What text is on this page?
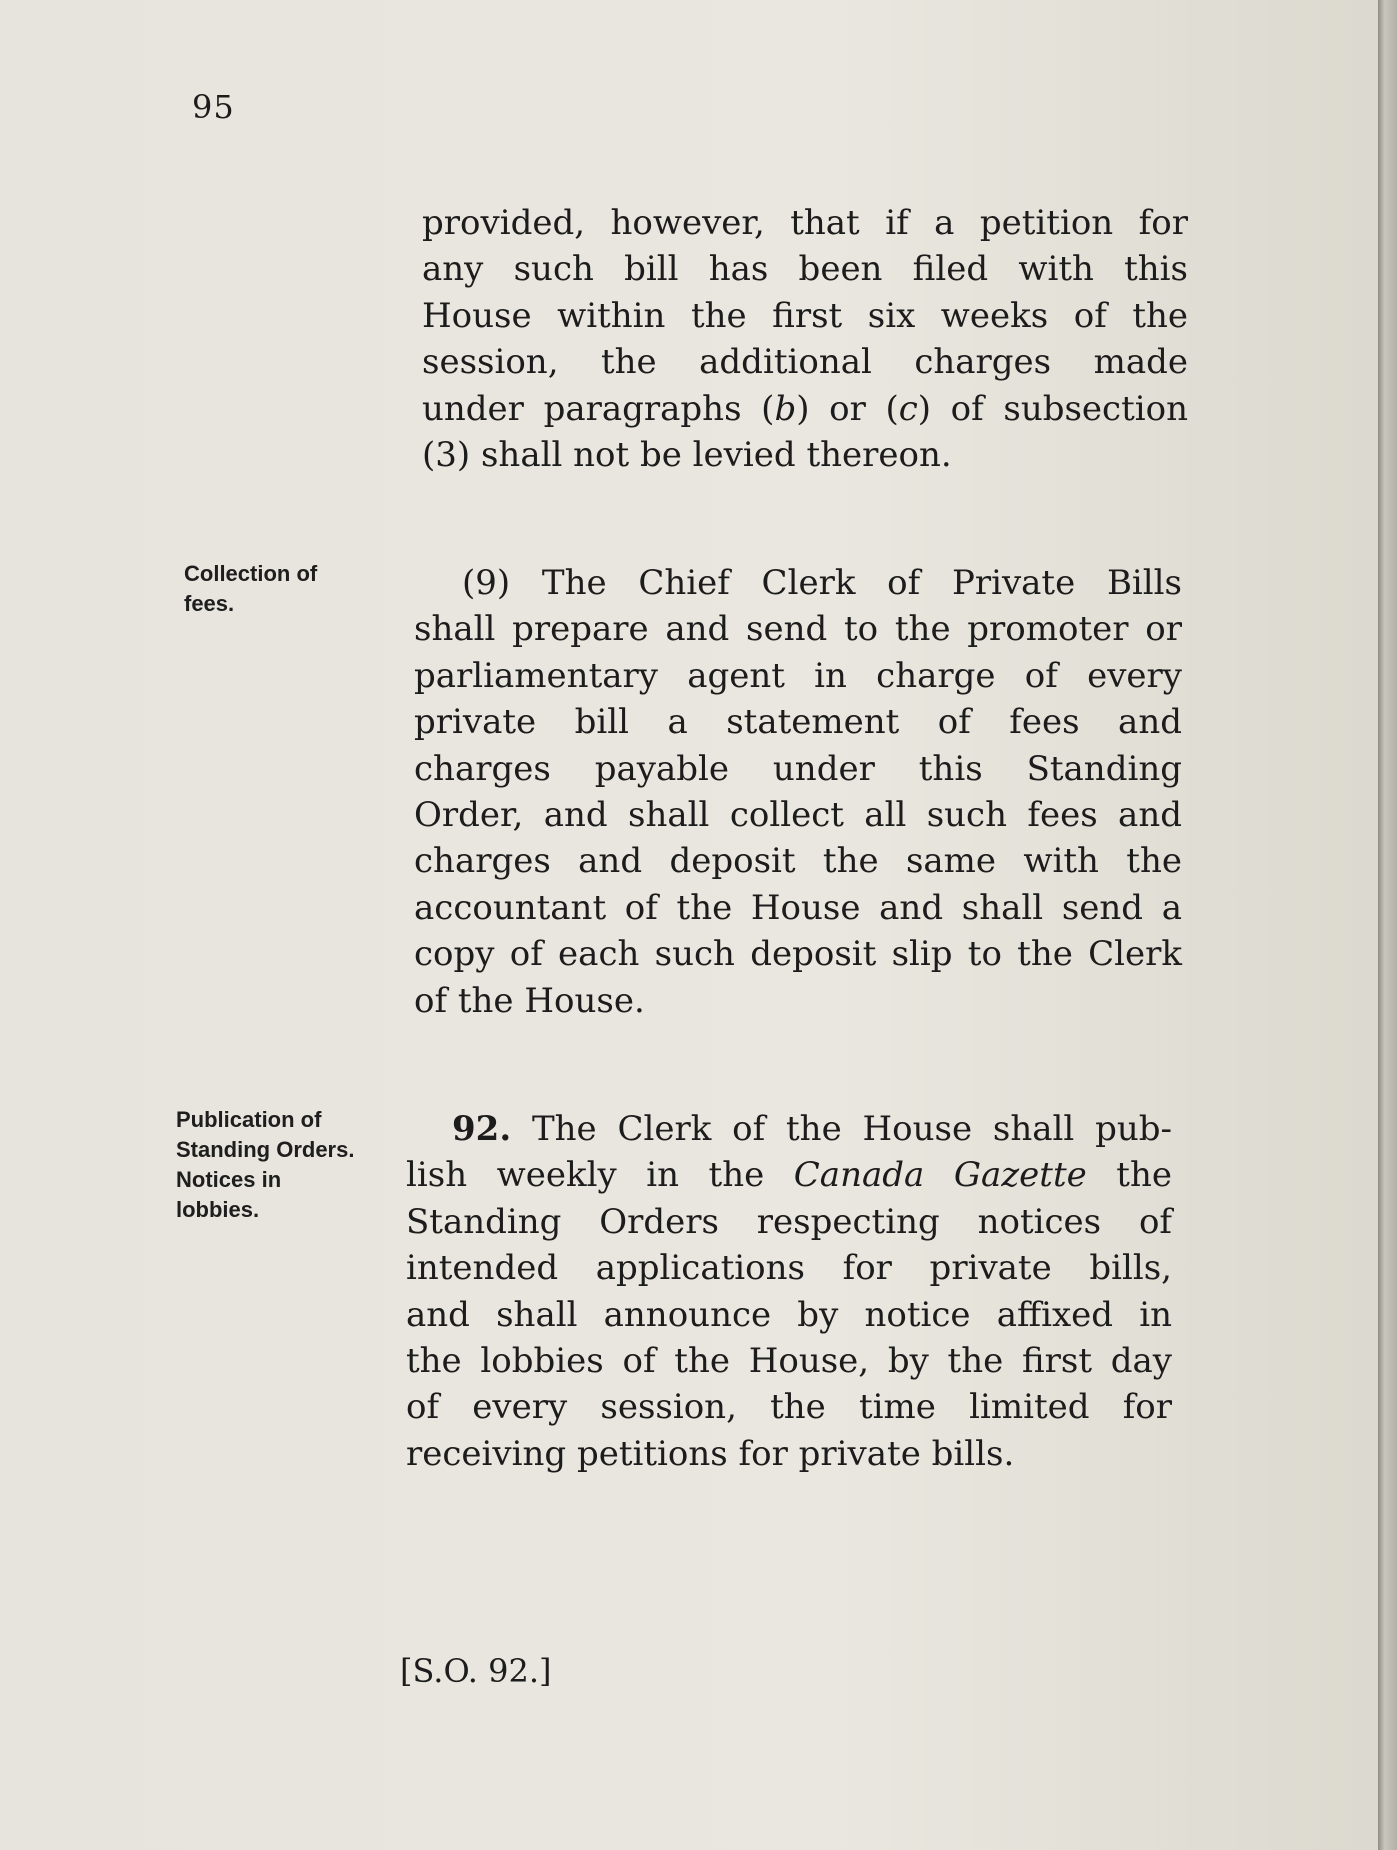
95
provided, however, that if a petition for
any such bill has been filed with this
House within the first six weeks of the
session, the additional charges made
under paragraphs (b) or (c) of subsection
(3) shall not be levied thereon.
Collection of
fees.
(9) The Chief Clerk of Private Bills
shall prepare and send to the promoter or
parliamentary agent in charge of every
private bill a statement of fees and
charges payable under this Standing
Order, and shall collect all such fees and
charges and deposit the same with the
accountant of the House and shall send a
copy of each such deposit slip to the Clerk
of the House.
Publication of
Standing Orders.
Notices in
lobbies.
92. The Clerk of the House shall pub-
lish weekly in the Canada Gazette the
Standing Orders respecting notices of
intended applications for private bills,
and shall announce by notice affixed in
the lobbies of the House, by the first day
of every session, the time limited for
receiving petitions for private bills.
[S.O. 92.]
